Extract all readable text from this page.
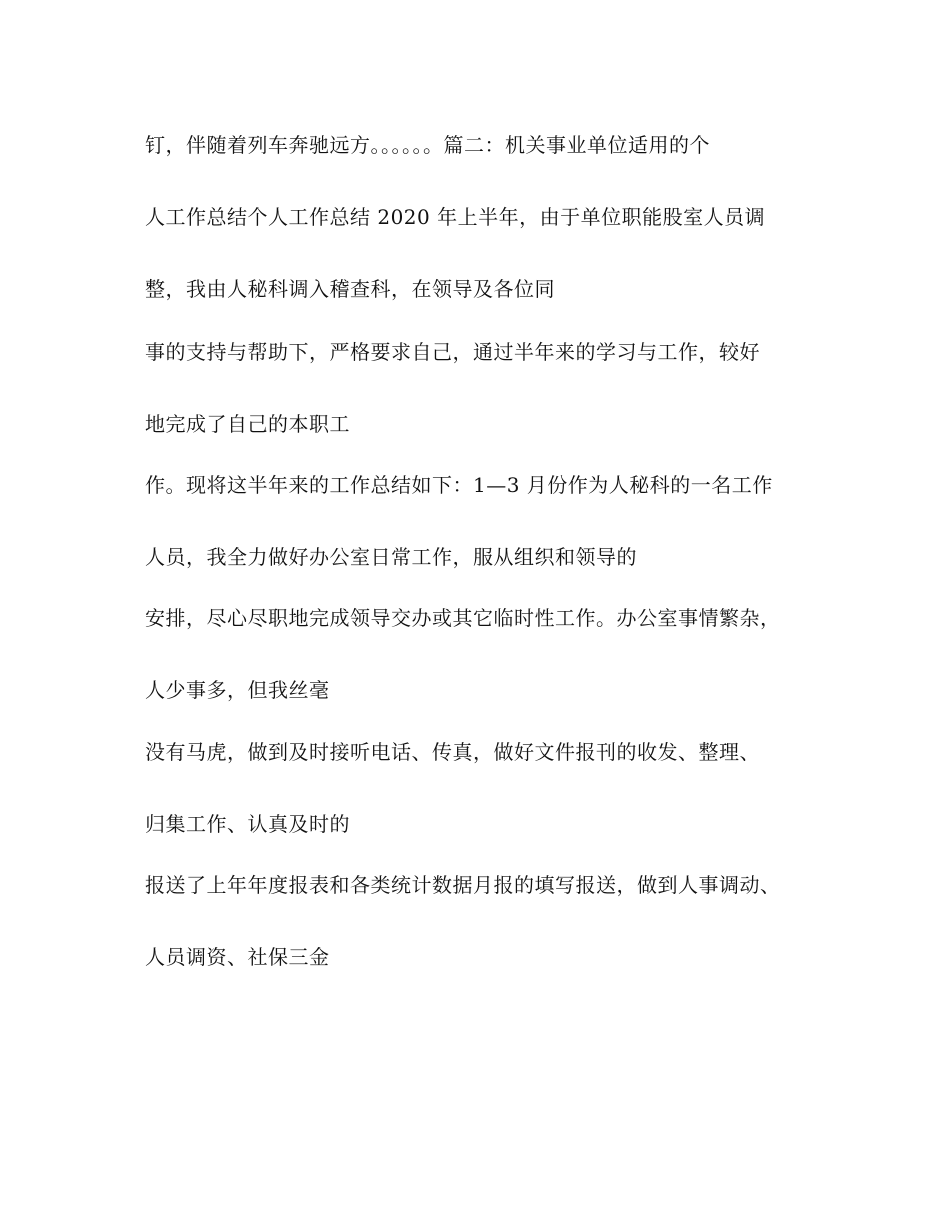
钉，伴随着列车奔驰远方。。。。。。篇二：机关事业单位适用的个
人工作总结个人工作总结 2020 年上半年，由于单位职能股室人员调
整，我由人秘科调入稽查科，在领导及各位同
事的支持与帮助下，严格要求自己，通过半年来的学习与工作，较好
地完成了自己的本职工
作。现将这半年来的工作总结如下：1—3 月份作为人秘科的一名工作
人员，我全力做好办公室日常工作，服从组织和领导的
安排，尽心尽职地完成领导交办或其它临时性工作。办公室事情繁杂，
人少事多，但我丝毫
没有马虎，做到及时接听电话、传真，做好文件报刊的收发、整理、
归集工作、认真及时的
报送了上年年度报表和各类统计数据月报的填写报送，做到人事调动、
人员调资、社保三金
